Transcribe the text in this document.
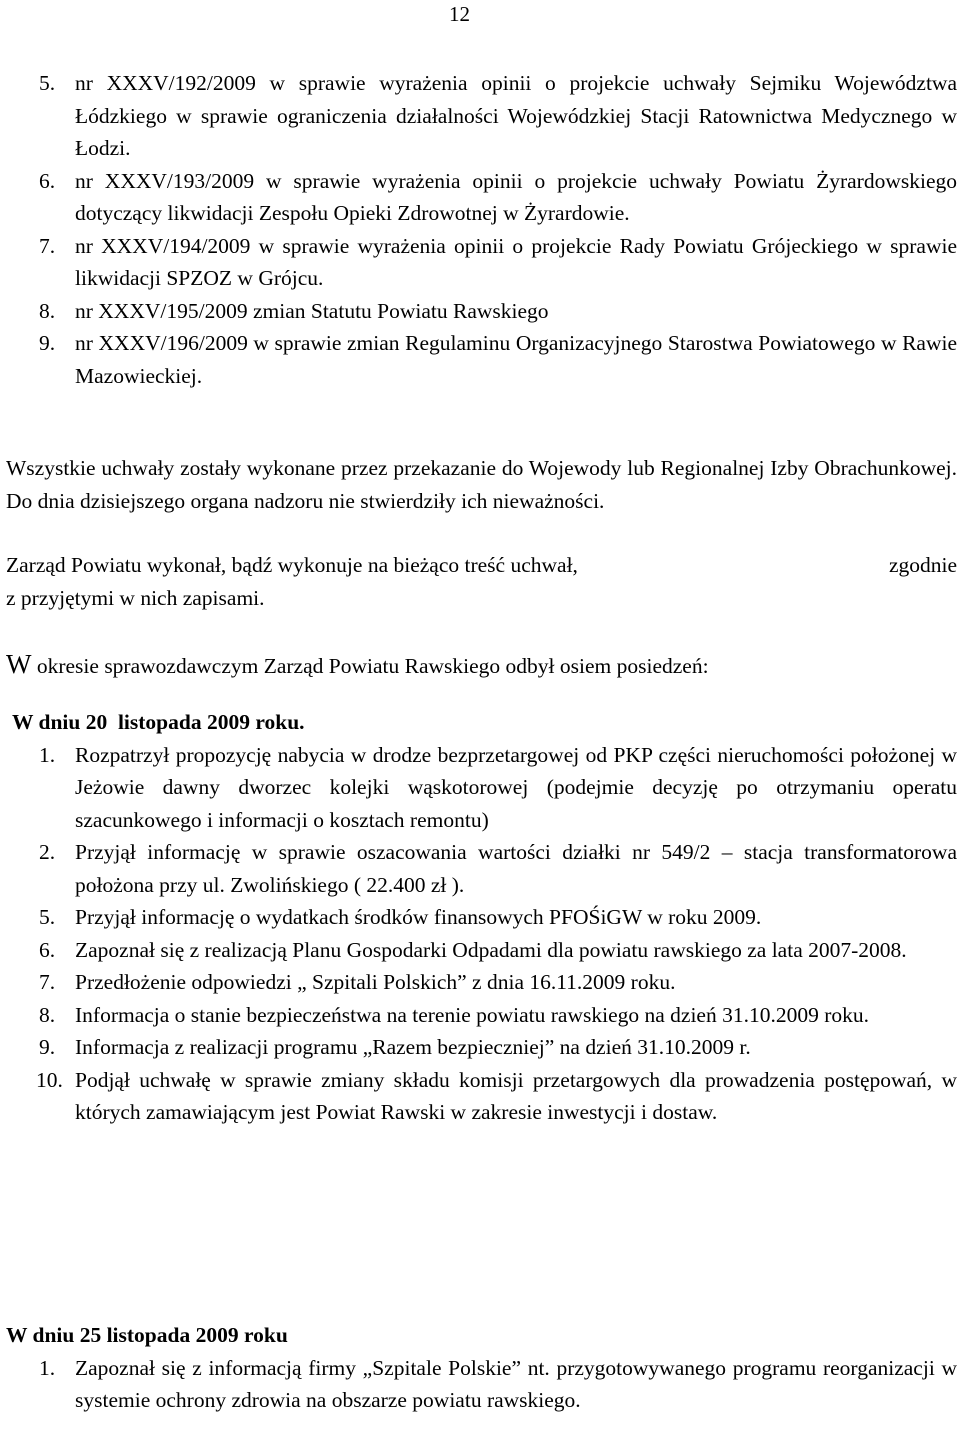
12
5. nr XXXV/192/2009 w sprawie wyrażenia opinii o projekcie uchwały Sejmiku Województwa Łódzkiego w sprawie ograniczenia działalności Wojewódzkiej Stacji Ratownictwa Medycznego w Łodzi.
6. nr XXXV/193/2009 w sprawie wyrażenia opinii o projekcie uchwały Powiatu Żyrardowskiego dotyczący likwidacji Zespołu Opieki Zdrowotnej w Żyrardowie.
7. nr XXXV/194/2009 w sprawie wyrażenia opinii o projekcie Rady Powiatu Grójeckiego w sprawie likwidacji SPZOZ w Grójcu.
8. nr XXXV/195/2009 zmian Statutu Powiatu Rawskiego
9. nr XXXV/196/2009 w sprawie zmian Regulaminu Organizacyjnego Starostwa Powiatowego w Rawie Mazowieckiej.
Wszystkie uchwały zostały wykonane przez przekazanie do Wojewody lub Regionalnej Izby Obrachunkowej. Do dnia dzisiejszego organa nadzoru nie stwierdziły ich nieważności.
Zarząd Powiatu wykonał, bądź wykonuje na bieżąco treść uchwał,	zgodnie
z przyjętymi w nich zapisami.
W okresie sprawozdawczym Zarząd Powiatu Rawskiego odbył osiem posiedzeń:
W dniu 20  listopada 2009 roku.
1. Rozpatrzył propozycję nabycia w drodze bezprzetargowej od PKP części nieruchomości położonej w Jeżowie dawny dworzec kolejki wąskotorowej (podejmie decyzję po otrzymaniu operatu szacunkowego i informacji o kosztach remontu)
2. Przyjął informację w sprawie oszacowania wartości działki nr 549/2 – stacja transformatorowa położona przy ul. Zwolińskiego ( 22.400 zł ).
5. Przyjął informację o wydatkach środków finansowych PFOŚiGW w roku 2009.
6. Zapoznał się z realizacją Planu Gospodarki Odpadami dla powiatu rawskiego za lata 2007-2008.
7. Przedłożenie odpowiedzi „ Szpitali Polskich” z dnia 16.11.2009 roku.
8. Informacja o stanie bezpieczeństwa na terenie powiatu rawskiego na dzień 31.10.2009 roku.
9. Informacja z realizacji programu „Razem bezpieczniej” na dzień 31.10.2009 r.
10. Podjął uchwałę w sprawie zmiany składu komisji przetargowych dla prowadzenia postępowań, w których zamawiającym jest Powiat Rawski w zakresie inwestycji i dostaw.
W dniu 25 listopada 2009 roku
1. Zapoznał się z informacją firmy „Szpitale Polskie” nt. przygotowywanego programu reorganizacji w systemie ochrony zdrowia na obszarze powiatu rawskiego.
